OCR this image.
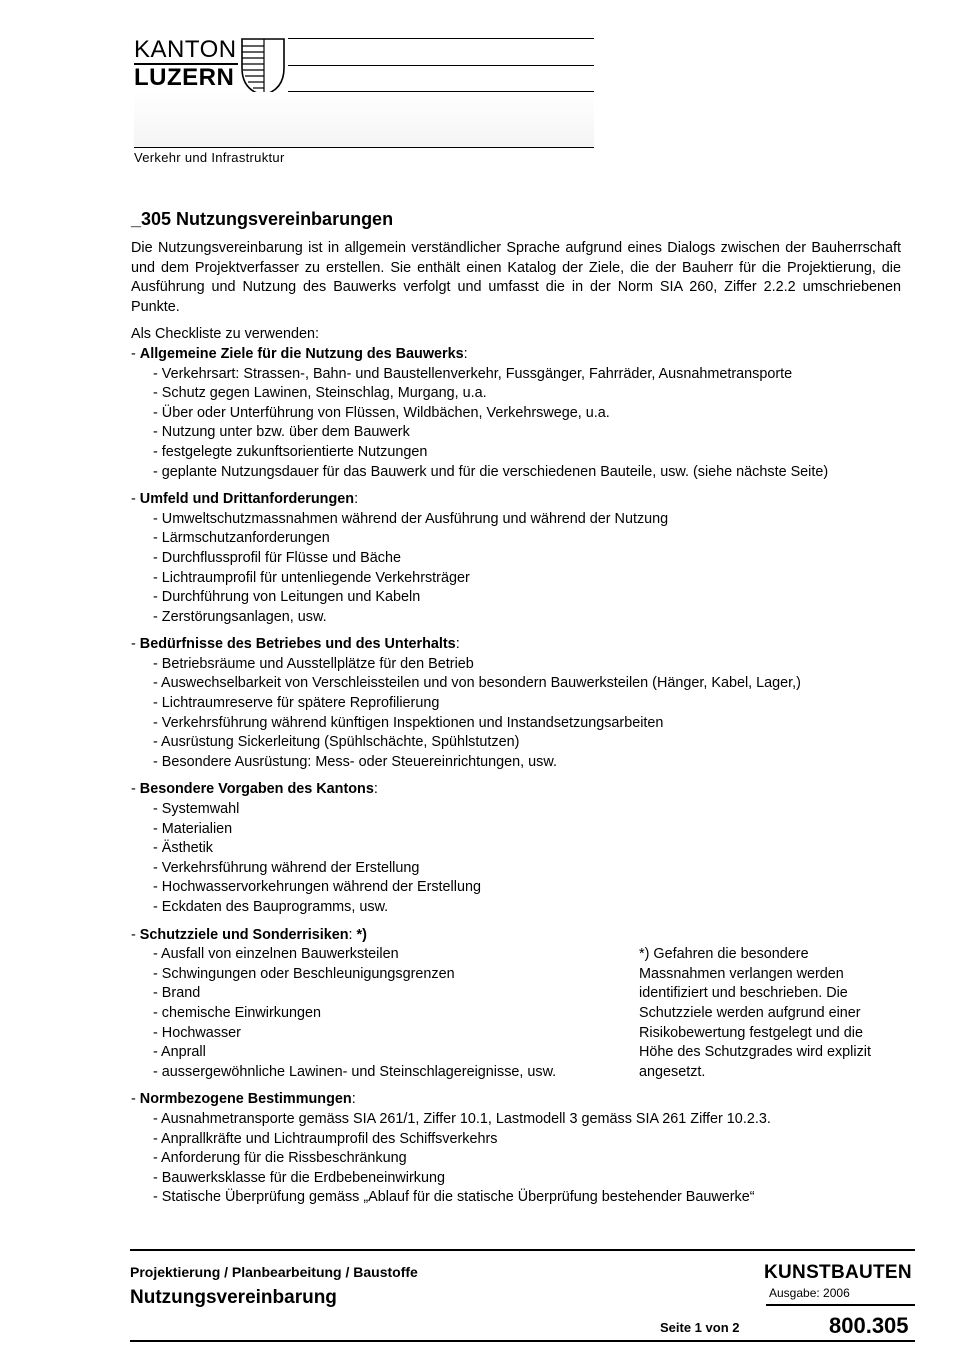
KANTON
LUZERN
Verkehr und Infrastruktur
_305 Nutzungsvereinbarungen

Die Nutzungsvereinbarung ist in allgemein verständlicher Sprache aufgrund eines Dialogs zwischen der Bauherrschaft und dem Projektverfasser zu erstellen. Sie enthält einen Katalog der Ziele, die der Bauherr für die Projektierung, die Ausführung und Nutzung des Bauwerks verfolgt und umfasst die in der Norm SIA 260, Ziffer 2.2.2 umschriebenen Punkte.

Als Checkliste zu verwenden:

- Allgemeine Ziele für die Nutzung des Bauwerks:
- Verkehrsart: Strassen-, Bahn- und Baustellenverkehr, Fussgänger, Fahrräder, Ausnahmetransporte
- Schutz gegen Lawinen, Steinschlag, Murgang, u.a.
- Über oder Unterführung von Flüssen, Wildbächen, Verkehrswege, u.a.
- Nutzung unter bzw. über dem Bauwerk
- festgelegte zukunftsorientierte Nutzungen
- geplante Nutzungsdauer für das Bauwerk und für die verschiedenen Bauteile, usw. (siehe nächste Seite)
- Umfeld und Drittanforderungen:
- Umweltschutzmassnahmen während der Ausführung und während der Nutzung
- Lärmschutzanforderungen
- Durchflussprofil für Flüsse und Bäche
- Lichtraumprofil für untenliegende Verkehrsträger
- Durchführung von Leitungen und Kabeln
- Zerstörungsanlagen, usw.
- Bedürfnisse des Betriebes und des Unterhalts:
- Betriebsräume und Ausstellplätze für den Betrieb
- Auswechselbarkeit von Verschleissteilen und von besondern Bauwerksteilen (Hänger, Kabel, Lager,)
- Lichtraumreserve für spätere Reprofilierung
- Verkehrsführung während künftigen Inspektionen und Instandsetzungsarbeiten
- Ausrüstung Sickerleitung (Spühlschächte, Spühlstutzen)
- Besondere Ausrüstung: Mess- oder Steuereinrichtungen, usw.
- Besondere Vorgaben des Kantons:
- Systemwahl
- Materialien
- Ästhetik
- Verkehrsführung während der Erstellung
- Hochwasservorkehrungen während der Erstellung
- Eckdaten des Bauprogramms, usw.
- Schutzziele und Sonderrisiken: *)
- Ausfall von einzelnen Bauwerksteilen
- Schwingungen oder Beschleunigungsgrenzen
- Brand
- chemische Einwirkungen
- Hochwasser
- Anprall
- aussergewöhnliche Lawinen- und Steinschlagereignisse, usw.
*) Gefahren die besondere Massnahmen verlangen werden identifiziert und beschrieben. Die Schutzziele werden aufgrund einer Risikobewertung festgelegt und die Höhe des Schutzgrades wird explizit angesetzt.
- Normbezogene Bestimmungen:
- Ausnahmetransporte gemäss SIA 261/1, Ziffer 10.1, Lastmodell 3 gemäss SIA 261 Ziffer 10.2.3.
- Anprallkräfte und Lichtraumprofil des Schiffsverkehrs
- Anforderung für die Rissbeschränkung
- Bauwerksklasse für die Erdbebeneinwirkung
- Statische Überprüfung gemäss „Ablauf für die statische Überprüfung bestehender Bauwerke“
Projektierung / Planbearbeitung / Baustoffe
Nutzungsvereinbarung
KUNSTBAUTEN
Ausgabe: 2006
Seite 1 von 2	800.305
